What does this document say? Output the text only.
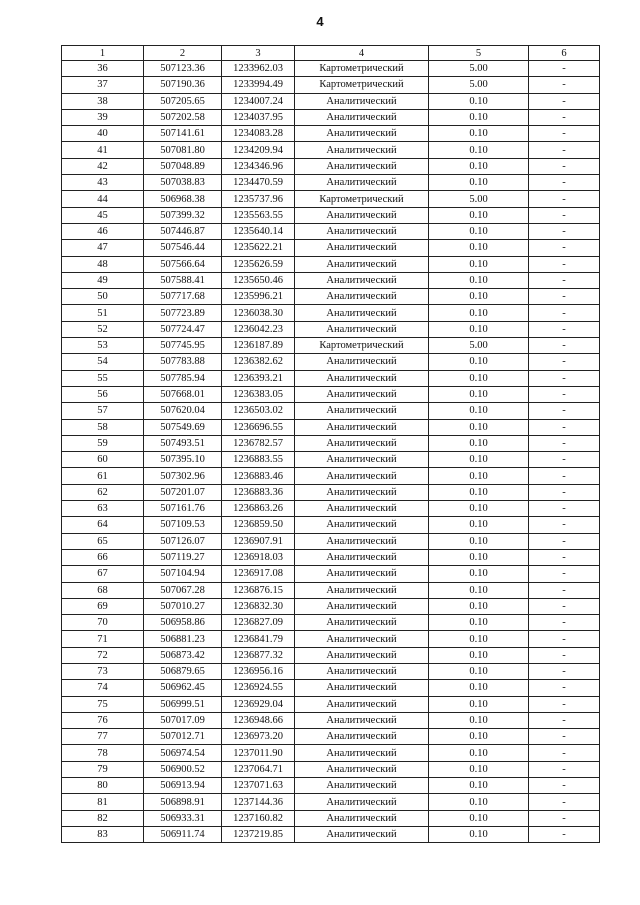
4
1	2	3	4	5	6
36	507123.36	1233962.03	Картометрический	5.00	-
37	507190.36	1233994.49	Картометрический	5.00	-
38	507205.65	1234007.24	Аналитический	0.10	-
39	507202.58	1234037.95	Аналитический	0.10	-
40	507141.61	1234083.28	Аналитический	0.10	-
41	507081.80	1234209.94	Аналитический	0.10	-
42	507048.89	1234346.96	Аналитический	0.10	-
43	507038.83	1234470.59	Аналитический	0.10	-
44	506968.38	1235737.96	Картометрический	5.00	-
45	507399.32	1235563.55	Аналитический	0.10	-
46	507446.87	1235640.14	Аналитический	0.10	-
47	507546.44	1235622.21	Аналитический	0.10	-
48	507566.64	1235626.59	Аналитический	0.10	-
49	507588.41	1235650.46	Аналитический	0.10	-
50	507717.68	1235996.21	Аналитический	0.10	-
51	507723.89	1236038.30	Аналитический	0.10	-
52	507724.47	1236042.23	Аналитический	0.10	-
53	507745.95	1236187.89	Картометрический	5.00	-
54	507783.88	1236382.62	Аналитический	0.10	-
55	507785.94	1236393.21	Аналитический	0.10	-
56	507668.01	1236383.05	Аналитический	0.10	-
57	507620.04	1236503.02	Аналитический	0.10	-
58	507549.69	1236696.55	Аналитический	0.10	-
59	507493.51	1236782.57	Аналитический	0.10	-
60	507395.10	1236883.55	Аналитический	0.10	-
61	507302.96	1236883.46	Аналитический	0.10	-
62	507201.07	1236883.36	Аналитический	0.10	-
63	507161.76	1236863.26	Аналитический	0.10	-
64	507109.53	1236859.50	Аналитический	0.10	-
65	507126.07	1236907.91	Аналитический	0.10	-
66	507119.27	1236918.03	Аналитический	0.10	-
67	507104.94	1236917.08	Аналитический	0.10	-
68	507067.28	1236876.15	Аналитический	0.10	-
69	507010.27	1236832.30	Аналитический	0.10	-
70	506958.86	1236827.09	Аналитический	0.10	-
71	506881.23	1236841.79	Аналитический	0.10	-
72	506873.42	1236877.32	Аналитический	0.10	-
73	506879.65	1236956.16	Аналитический	0.10	-
74	506962.45	1236924.55	Аналитический	0.10	-
75	506999.51	1236929.04	Аналитический	0.10	-
76	507017.09	1236948.66	Аналитический	0.10	-
77	507012.71	1236973.20	Аналитический	0.10	-
78	506974.54	1237011.90	Аналитический	0.10	-
79	506900.52	1237064.71	Аналитический	0.10	-
80	506913.94	1237071.63	Аналитический	0.10	-
81	506898.91	1237144.36	Аналитический	0.10	-
82	506933.31	1237160.82	Аналитический	0.10	-
83	506911.74	1237219.85	Аналитический	0.10	-
